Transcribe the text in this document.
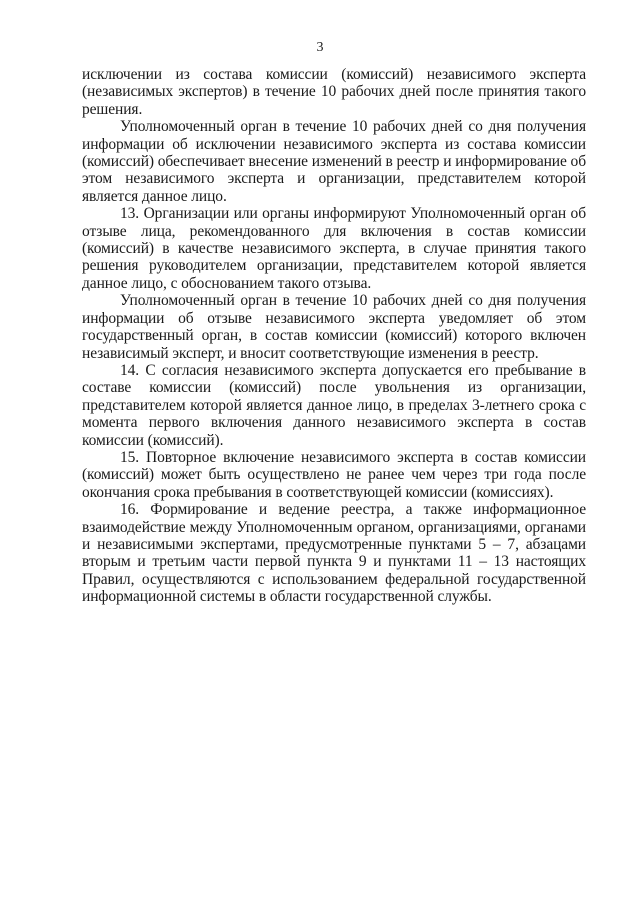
3

исключении из состава комиссии (комиссий) независимого эксперта (независимых экспертов) в течение 10 рабочих дней после принятия такого решения.

Уполномоченный орган в течение 10 рабочих дней со дня получения информации об исключении независимого эксперта из состава комиссии (комиссий) обеспечивает внесение изменений в реестр и информирование об этом независимого эксперта и организации, представителем которой является данное лицо.

13. Организации или органы информируют Уполномоченный орган об отзыве лица, рекомендованного для включения в состав комиссии (комиссий) в качестве независимого эксперта, в случае принятия такого решения руководителем организации, представителем которой является данное лицо, с обоснованием такого отзыва.

Уполномоченный орган в течение 10 рабочих дней со дня получения информации об отзыве независимого эксперта уведомляет об этом государственный орган, в состав комиссии (комиссий) которого включен независимый эксперт, и вносит соответствующие изменения в реестр.

14. С согласия независимого эксперта допускается его пребывание в составе комиссии (комиссий) после увольнения из организации, представителем которой является данное лицо, в пределах 3-летнего срока с момента первого включения данного независимого эксперта в состав комиссии (комиссий).

15. Повторное включение независимого эксперта в состав комиссии (комиссий) может быть осуществлено не ранее чем через три года после окончания срока пребывания в соответствующей комиссии (комиссиях).

16. Формирование и ведение реестра, а также информационное взаимодействие между Уполномоченным органом, организациями, органами и независимыми экспертами, предусмотренные пунктами 5 – 7, абзацами вторым и третьим части первой пункта 9 и пунктами 11 – 13 настоящих Правил, осуществляются с использованием федеральной государственной информационной системы в области государственной службы.
